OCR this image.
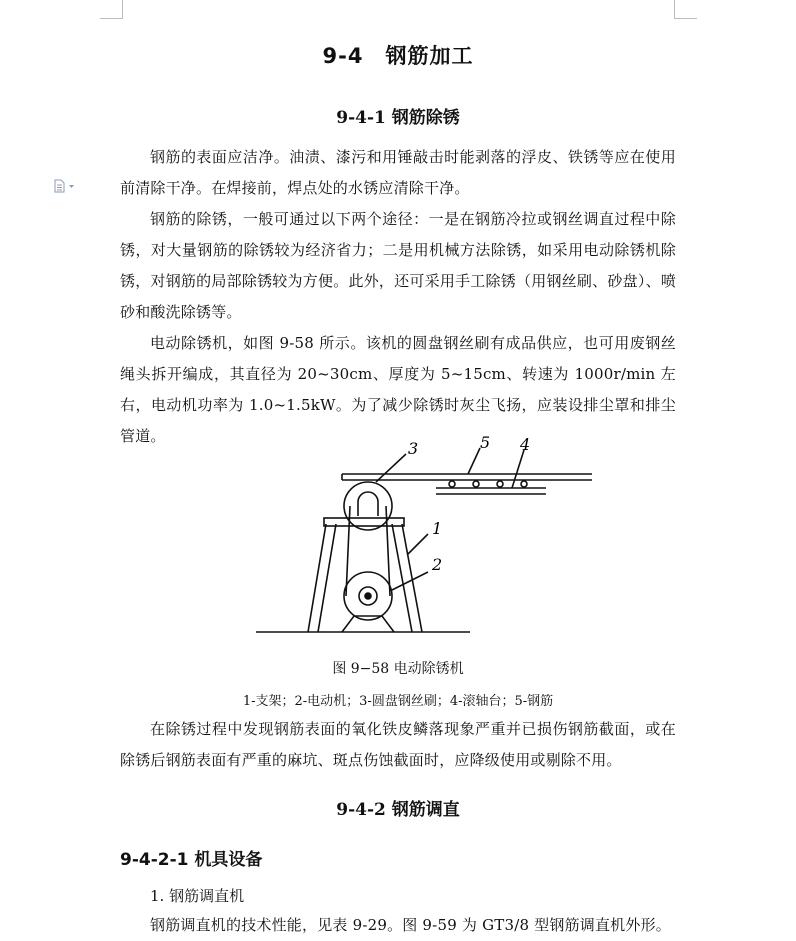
9-4　钢筋加工
9-4-1 钢筋除锈
钢筋的表面应洁净。油渍、漆污和用锤敲击时能剥落的浮皮、铁锈等应在使用前清除干净。在焊接前，焊点处的水锈应清除干净。
钢筋的除锈，一般可通过以下两个途径：一是在钢筋冷拉或钢丝调直过程中除锈，对大量钢筋的除锈较为经济省力；二是用机械方法除锈，如采用电动除锈机除锈，对钢筋的局部除锈较为方便。此外，还可采用手工除锈（用钢丝刷、砂盘）、喷砂和酸洗除锈等。
电动除锈机，如图 9-58 所示。该机的圆盘钢丝刷有成品供应，也可用废钢丝绳头拆开编成，其直径为 20~30cm、厚度为 5~15cm、转速为 1000r/min 左右，电动机功率为 1.0~1.5kW。为了减少除锈时灰尘飞扬，应装设排尘罩和排尘管道。
3	5 4
1
2
图 9−58 电动除锈机
1-支架；2-电动机；3-圆盘钢丝刷；4-滚轴台；5-钢筋
在除锈过程中发现钢筋表面的氧化铁皮鳞落现象严重并已损伤钢筋截面，或在除锈后钢筋表面有严重的麻坑、斑点伤蚀截面时，应降级使用或剔除不用。
9-4-2 钢筋调直
9-4-2-1 机具设备
1. 钢筋调直机
钢筋调直机的技术性能，见表 9-29。图 9-59 为 GT3/8 型钢筋调直机外形。
